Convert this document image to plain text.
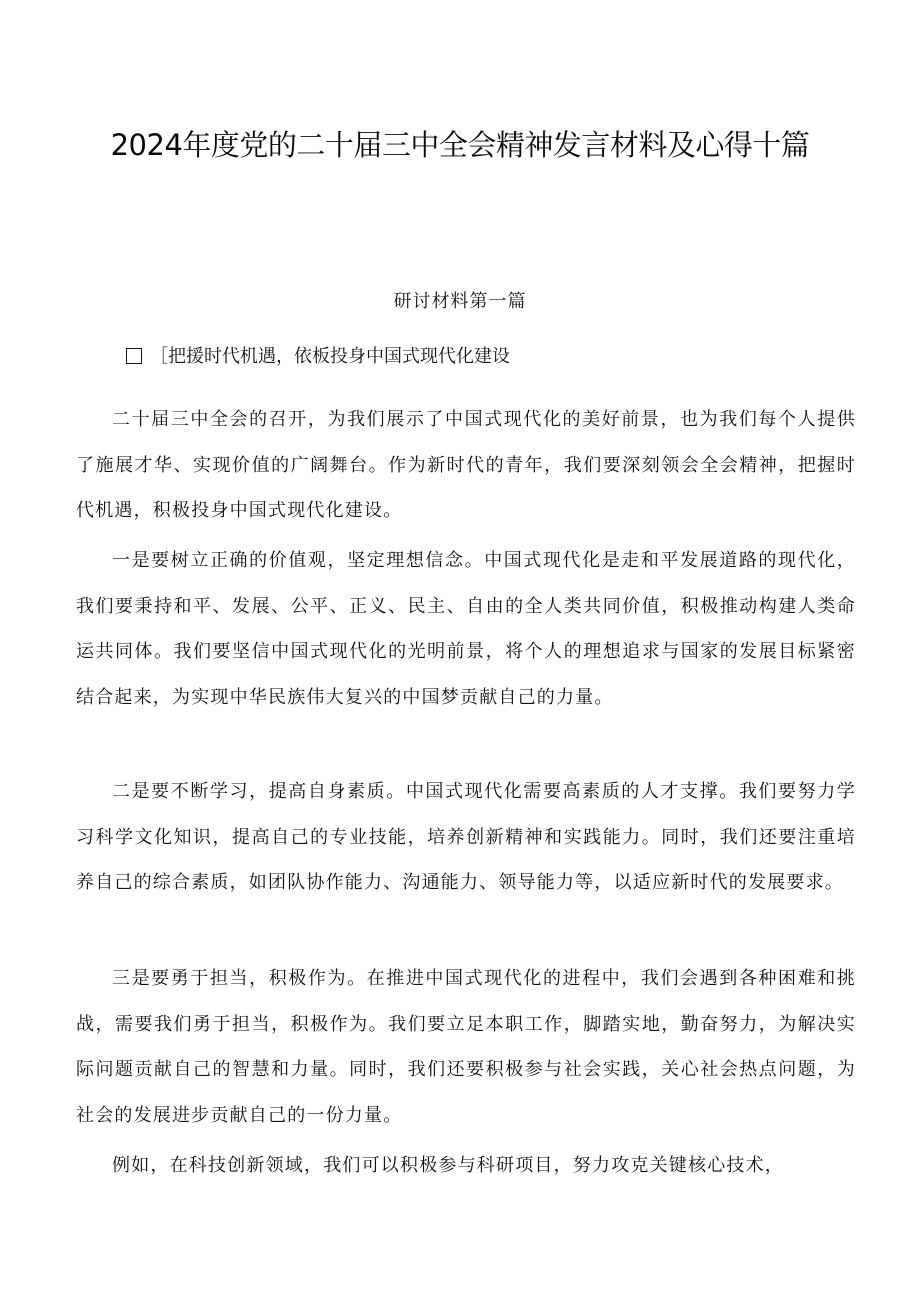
2024年度党的二十届三中全会精神发言材料及心得十篇
研讨材料第一篇
［把援时代机遇，依板投身中国式现代化建设

二十届三中全会的召开，为我们展示了中国式现代化的美好前景，也为我们每个人提供了施展才华、实现价值的广阔舞台。作为新时代的青年，我们要深刻领会全会精神，把握时代机遇，积极投身中国式现代化建设。

一是要树立正确的价值观，坚定理想信念。中国式现代化是走和平发展道路的现代化，我们要秉持和平、发展、公平、正义、民主、自由的全人类共同价值，积极推动构建人类命运共同体。我们要坚信中国式现代化的光明前景，将个人的理想追求与国家的发展目标紧密结合起来，为实现中华民族伟大复兴的中国梦贡献自己的力量。

二是要不断学习，提高自身素质。中国式现代化需要高素质的人才支撑。我们要努力学习科学文化知识，提高自己的专业技能，培养创新精神和实践能力。同时，我们还要注重培养自己的综合素质，如团队协作能力、沟通能力、领导能力等，以适应新时代的发展要求。

三是要勇于担当，积极作为。在推进中国式现代化的进程中，我们会遇到各种困难和挑战，需要我们勇于担当，积极作为。我们要立足本职工作，脚踏实地，勤奋努力，为解决实际问题贡献自己的智慧和力量。同时，我们还要积极参与社会实践，关心社会热点问题，为社会的发展进步贡献自己的一份力量。

例如，在科技创新领域，我们可以积极参与科研项目，努力攻克关键核心技术，
